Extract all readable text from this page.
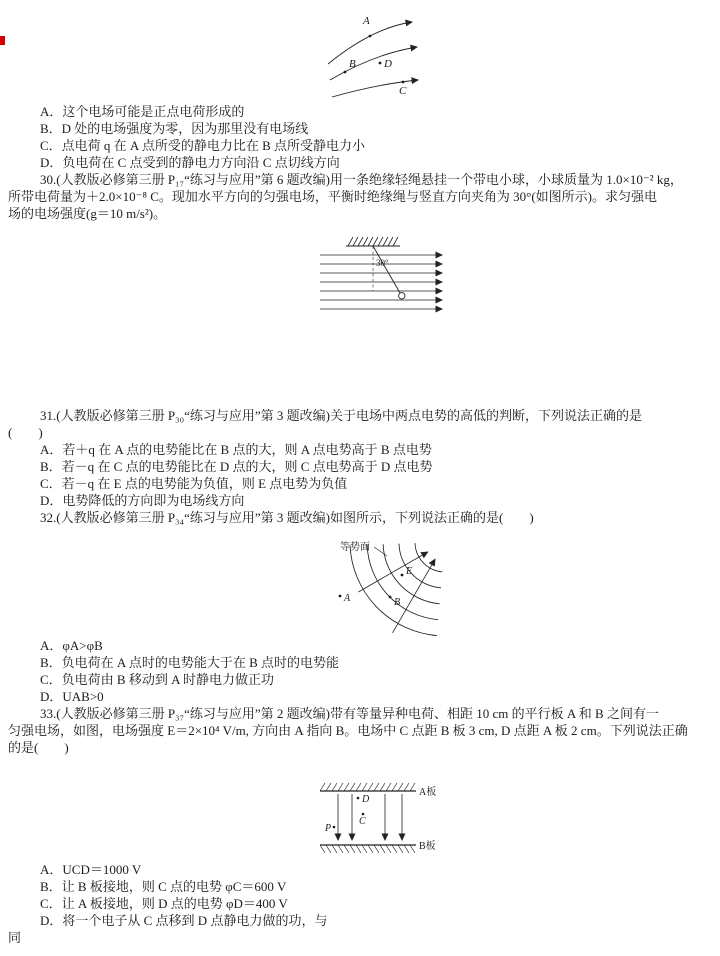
A
B
C
D
A．这个电场可能是正点电荷形成的
B．D 处的电场强度为零，因为那里没有电场线
C．点电荷 q 在 A 点所受的静电力比在 B 点所受静电力小
D．负电荷在 C 点受到的静电力方向沿 C 点切线方向
30.(人教版必修第三册 P₁₇“练习与应用”第 6 题改编)用一条绝缘轻绳悬挂一个带电小球，小球质量为 1.0×10⁻² kg，
所带电荷量为＋2.0×10⁻⁸ C。现加水平方向的匀强电场，平衡时绝缘绳与竖直方向夹角为 30°(如图所示)。求匀强电
场的电场强度(g＝10 m/s²)。
30°
31.(人教版必修第三册 P₃₀“练习与应用”第 3 题改编)关于电场中两点电势的高低的判断，下列说法正确的是
(　　)
A．若＋q 在 A 点的电势能比在 B 点的大，则 A 点电势高于 B 点电势
B．若－q 在 C 点的电势能比在 D 点的大，则 C 点电势高于 D 点电势
C．若－q 在 E 点的电势能为负值，则 E 点电势为负值
D．电势降低的方向即为电场线方向
32.(人教版必修第三册 P₃₄“练习与应用”第 3 题改编)如图所示，下列说法正确的是(　　)
等势面
A	B
E
A．φA>φB
B．负电荷在 A 点时的电势能大于在 B 点时的电势能
C．负电荷由 B 移动到 A 时静电力做正功
D．UAB>0
33.(人教版必修第三册 P₃₇“练习与应用”第 2 题改编)带有等量异种电荷、相距 10 cm 的平行板 A 和 B 之间有一
匀强电场，如图，电场强度 E＝2×10⁴ V/m, 方向由 A 指向 B。电场中 C 点距 B 板 3 cm, D 点距 A 板 2 cm。下列说法正确
的是(　　)
D
C
P
A板
B板
A．UCD＝1000 V
B．让 B 板接地，则 C 点的电势 φC＝600 V
C．让 A 板接地，则 D 点的电势 φD＝400 V
D．将一个电子从 C 点移到 D 点静电力做的功，与
同
